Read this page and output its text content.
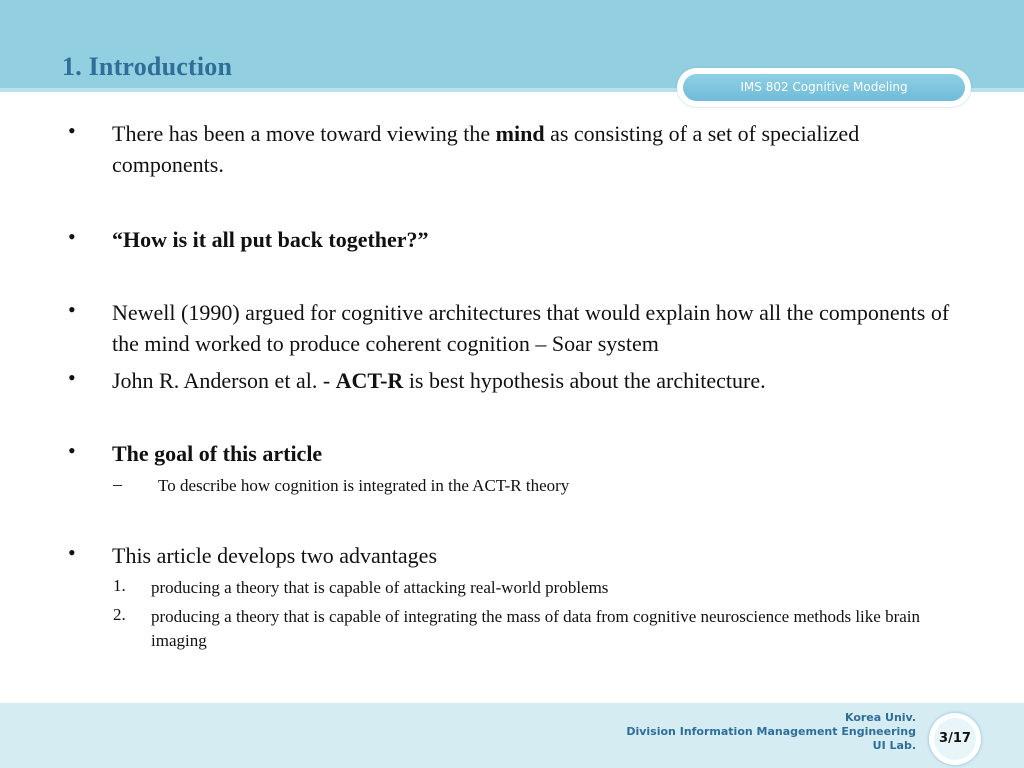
1. Introduction
IMS 802 Cognitive Modeling
• There has been a move toward viewing the mind as consisting of a set of specialized components.
• “How is it all put back together?”
• Newell (1990) argued for cognitive architectures that would explain how all the components of the mind worked to produce coherent cognition – Soar system
• John R. Anderson et al. - ACT-R is best hypothesis about the architecture.
• The goal of this article
– To describe how cognition is integrated in the ACT-R theory
• This article develops two advantages
1. producing a theory that is capable of attacking real-world problems
2. producing a theory that is capable of integrating the mass of data from cognitive neuroscience methods like brain imaging
Korea Univ.
Division Information Management Engineering
UI Lab.	3/17
